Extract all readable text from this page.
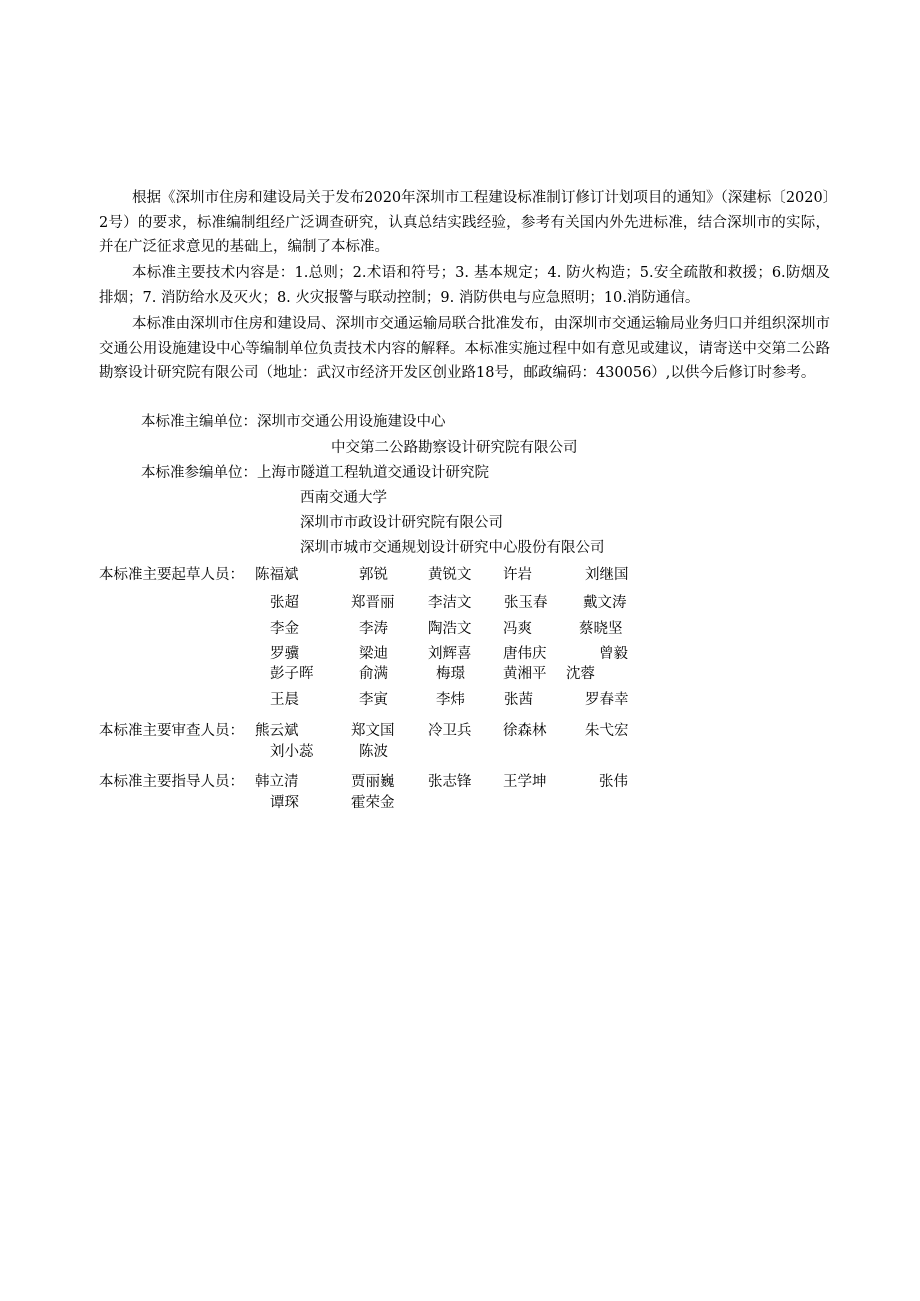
根据《深圳市住房和建设局关于发布2020年深圳市工程建设标准制订修订计划项目的通知》（深建标〔2020〕2号）的要求，标准编制组经广泛调查研究，认真总结实践经验，参考有关国内外先进标准，结合深圳市的实际，并在广泛征求意见的基础上，编制了本标准。

本标准主要技术内容是：1.总则；2.术语和符号；3. 基本规定；4. 防火构造；5.安全疏散和救援；6.防烟及排烟；7. 消防给水及灭火；8. 火灾报警与联动控制；9. 消防供电与应急照明；10.消防通信。

本标准由深圳市住房和建设局、深圳市交通运输局联合批准发布，由深圳市交通运输局业务归口并组织深圳市交通公用设施建设中心等编制单位负责技术内容的解释。本标准实施过程中如有意见或建议，请寄送中交第二公路勘察设计研究院有限公司（地址：武汉市经济开发区创业路18号，邮政编码：430056）,以供今后修订时参考。

本标准主编单位： 深圳市交通公用设施建设中心
中交第二公路勘察设计研究院有限公司
本标准参编单位： 上海市隧道工程轨道交通设计研究院
西南交通大学
深圳市市政设计研究院有限公司
深圳市城市交通规划设计研究中心股份有限公司
本标准主要起草人员： 陈福斌	郭锐	黄锐文 许岩	刘继国
张超	郑晋丽 李洁文 张玉春 戴文涛
李金	李涛	陶浩文 冯爽	蔡晓坚
罗骥	梁迪	刘辉喜 唐伟庆	曾毅
彭子晖	俞满	梅璟	黄湘平 沈蓉
王晨	李寅	李炜	张茜	罗春幸
本标准主要审查人员： 熊云斌	郑文国 冷卫兵 徐森林	朱弋宏
刘小蕊	陈波
本标准主要指导人员： 韩立清	贾丽巍 张志锋 王学坤	张伟
谭琛	霍荣金
